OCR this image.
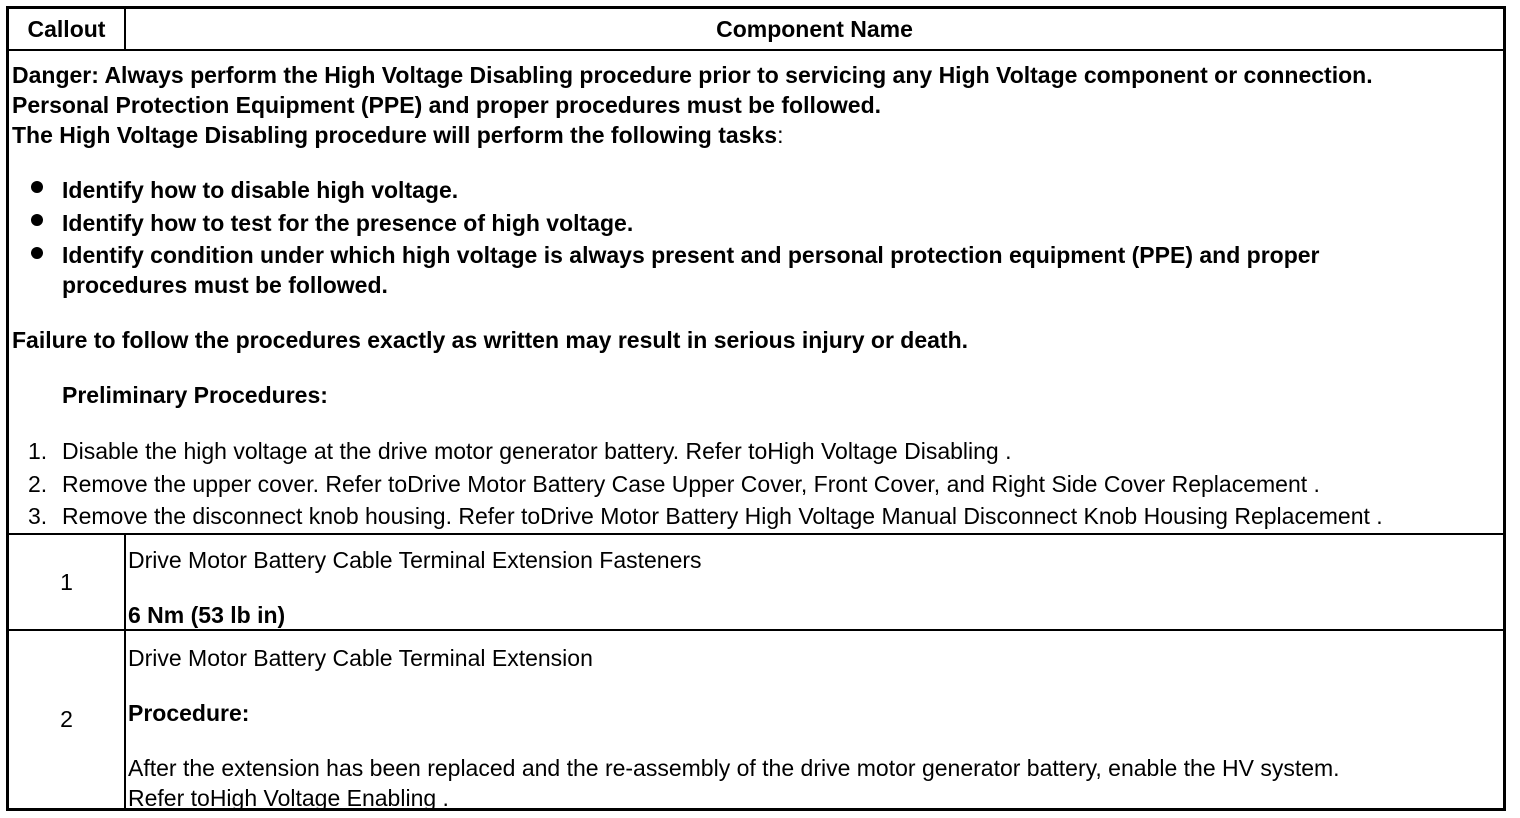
Callout	Component Name
Danger: Always perform the High Voltage Disabling procedure prior to servicing any High Voltage component or connection.
Personal Protection Equipment (PPE) and proper procedures must be followed.
The High Voltage Disabling procedure will perform the following tasks:
Identify how to disable high voltage.
Identify how to test for the presence of high voltage.
Identify condition under which high voltage is always present and personal protection equipment (PPE) and proper
procedures must be followed.
Failure to follow the procedures exactly as written may result in serious injury or death.
Preliminary Procedures:
1. Disable the high voltage at the drive motor generator battery. Refer toHigh Voltage Disabling .
2. Remove the upper cover. Refer toDrive Motor Battery Case Upper Cover, Front Cover, and Right Side Cover Replacement .
3. Remove the disconnect knob housing. Refer toDrive Motor Battery High Voltage Manual Disconnect Knob Housing Replacement .
1
Drive Motor Battery Cable Terminal Extension Fasteners
6 Nm (53 lb in)
2
Drive Motor Battery Cable Terminal Extension
Procedure:
After the extension has been replaced and the re-assembly of the drive motor generator battery, enable the HV system.
Refer toHigh Voltage Enabling .
